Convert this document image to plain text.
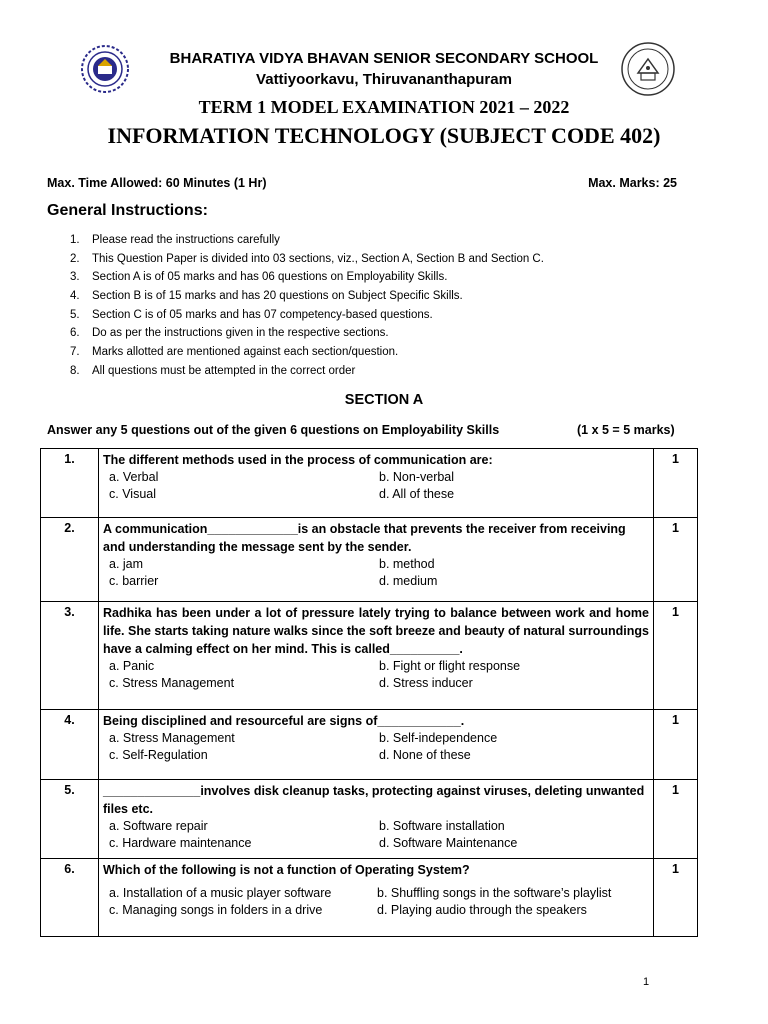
BHARATIYA VIDYA BHAVAN SENIOR SECONDARY SCHOOL
Vattiyoorkavu, Thiruvananthapuram
TERM 1 MODEL EXAMINATION 2021 – 2022
INFORMATION TECHNOLOGY (SUBJECT CODE 402)
Max. Time Allowed: 60 Minutes (1 Hr)	Max. Marks: 25
General Instructions:
1. Please read the instructions carefully
2. This Question Paper is divided into 03 sections, viz., Section A, Section B and Section C.
3. Section A is of 05 marks and has 06 questions on Employability Skills.
4. Section B is of 15 marks and has 20 questions on Subject Specific Skills.
5. Section C is of 05 marks and has 07 competency-based questions.
6. Do as per the instructions given in the respective sections.
7. Marks allotted are mentioned against each section/question.
8. All questions must be attempted in the correct order
SECTION A
Answer any 5 questions out of the given 6 questions on Employability Skills	(1 x 5 = 5 marks)
1.	The different methods used in the process of communication are:
a. Verbal b. Non-verbal
c. Visual d. All of these	1
2.	A communication_____________is an obstacle that prevents the receiver from receiving and understanding the message sent by the sender.
a. jam b. method
c. barrier d. medium	1
3.	Radhika has been under a lot of pressure lately trying to balance between work and home life. She starts taking nature walks since the soft breeze and beauty of natural surroundings have a calming effect on her mind. This is called__________.
a. Panic b. Fight or flight response
c. Stress Management d. Stress inducer	1
4.	Being disciplined and resourceful are signs of____________.
a. Stress Management b. Self-independence
c. Self-Regulation d. None of these	1
5.	______________involves disk cleanup tasks, protecting against viruses, deleting unwanted files etc.
a. Software repair b. Software installation
c. Hardware maintenance d. Software Maintenance	1
6.	Which of the following is not a function of Operating System?
a. Installation of a music player software b. Shuffling songs in the software’s playlist
c. Managing songs in folders in a drive d. Playing audio through the speakers	1
1
